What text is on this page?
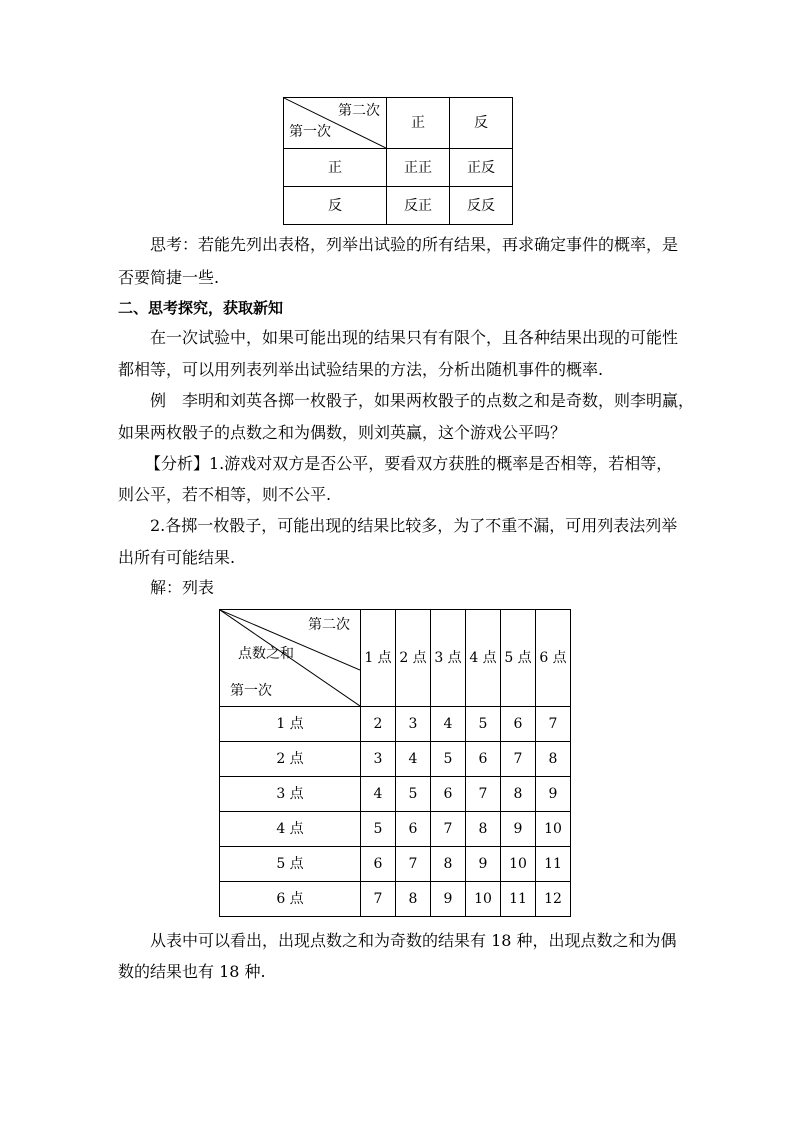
第二次
第一次	正	反
正	正正	正反
反	反正	反反
思考：若能先列出表格，列举出试验的所有结果，再求确定事件的概率，是
否要简捷一些.
二、思考探究，获取新知
在一次试验中，如果可能出现的结果只有有限个，且各种结果出现的可能性
都相等，可以用列表列举出试验结果的方法，分析出随机事件的概率.
例　李明和刘英各掷一枚骰子，如果两枚骰子的点数之和是奇数，则李明赢，
如果两枚骰子的点数之和为偶数，则刘英赢，这个游戏公平吗？
【分析】1.游戏对双方是否公平，要看双方获胜的概率是否相等，若相等，
则公平，若不相等，则不公平.
2.各掷一枚骰子，可能出现的结果比较多，为了不重不漏，可用列表法列举
出所有可能结果.
解：列表
第二次
点数之和
第一次	1 点	2 点	3 点	4 点	5 点	6 点
1 点	2	3	4	5	6	7
2 点	3	4	5	6	7	8
3 点	4	5	6	7	8	9
4 点	5	6	7	8	9	10
5 点	6	7	8	9	10	11
6 点	7	8	9	10	11	12
从表中可以看出，出现点数之和为奇数的结果有 18 种，出现点数之和为偶
数的结果也有 18 种.
